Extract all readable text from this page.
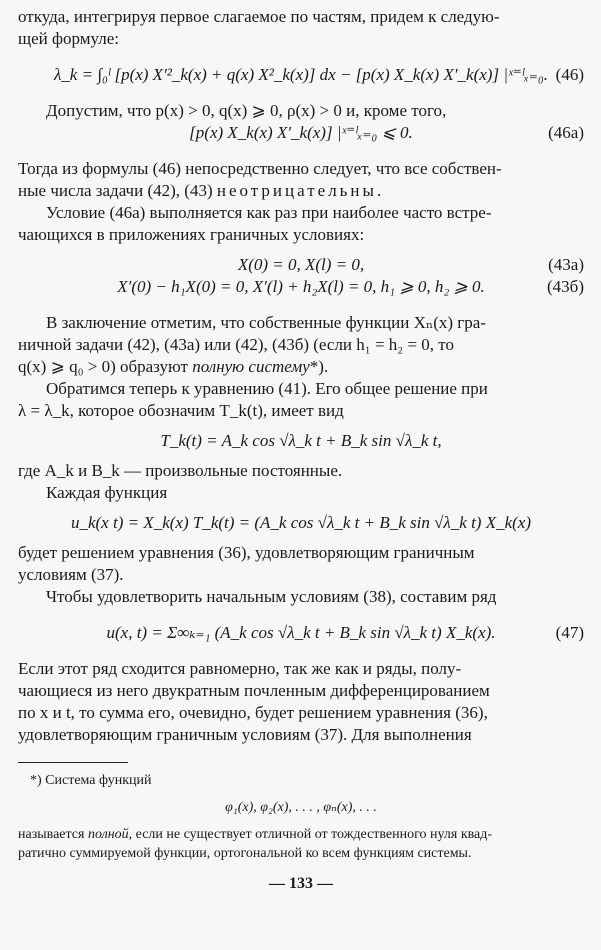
откуда, интегрируя первое слагаемое по частям, придем к следую-
щей формуле:

λ_k = ∫₀ˡ [p(x) X′²_k(x) + q(x) X²_k(x)] dx − [p(x) X_k(x) X′_k(x)] |ˣ⁼ˡₓ₌₀. (46)

Допустим, что p(x) > 0, q(x) ⩾ 0, ρ(x) > 0 и, кроме того,

[p(x) X_k(x) X′_k(x)] |ˣ⁼ˡₓ₌₀ ⩽ 0.	(46a)

Тогда из формулы (46) непосредственно следует, что все собствен-
ные числа задачи (42), (43) неотрицательны.

Условие (46a) выполняется как раз при наиболее часто встре-
чающихся в приложениях граничных условиях:

X(0) = 0, X(l) = 0,	(43a)
X′(0) − h₁X(0) = 0, X′(l) + h₂X(l) = 0, h₁ ⩾ 0, h₂ ⩾ 0.	(43б)

В заключение отметим, что собственные функции Xₙ(x) гра-
ничной задачи (42), (43a) или (42), (43б) (если h₁ = h₂ = 0, то
q(x) ⩾ q₀ > 0) образуют полную систему*).

Обратимся теперь к уравнению (41). Его общее решение при
λ = λ_k, которое обозначим T_k(t), имеет вид

T_k(t) = A_k cos √λ_k t + B_k sin √λ_k t,

где A_k и B_k — произвольные постоянные.

Каждая функция

u_k(x t) = X_k(x) T_k(t) = (A_k cos √λ_k t + B_k sin √λ_k t) X_k(x)

будет решением уравнения (36), удовлетворяющим граничным
условиям (37).

Чтобы удовлетворить начальным условиям (38), составим ряд

u(x, t) = Σ∞ₖ₌₁ (A_k cos √λ_k t + B_k sin √λ_k t) X_k(x).	(47)

Если этот ряд сходится равномерно, так же как и ряды, полу-
чающиеся из него двукратным почленным дифференцированием
по x и t, то сумма его, очевидно, будет решением уравнения (36),
удовлетворяющим граничным условиям (37). Для выполнения

*) Система функций
φ₁(x), φ₂(x), . . . , φₙ(x), . . .
называется полной, если не существует отличной от тождественного нуля квад-
ратично суммируемой функции, ортогональной ко всем функциям системы.
— 133 —
